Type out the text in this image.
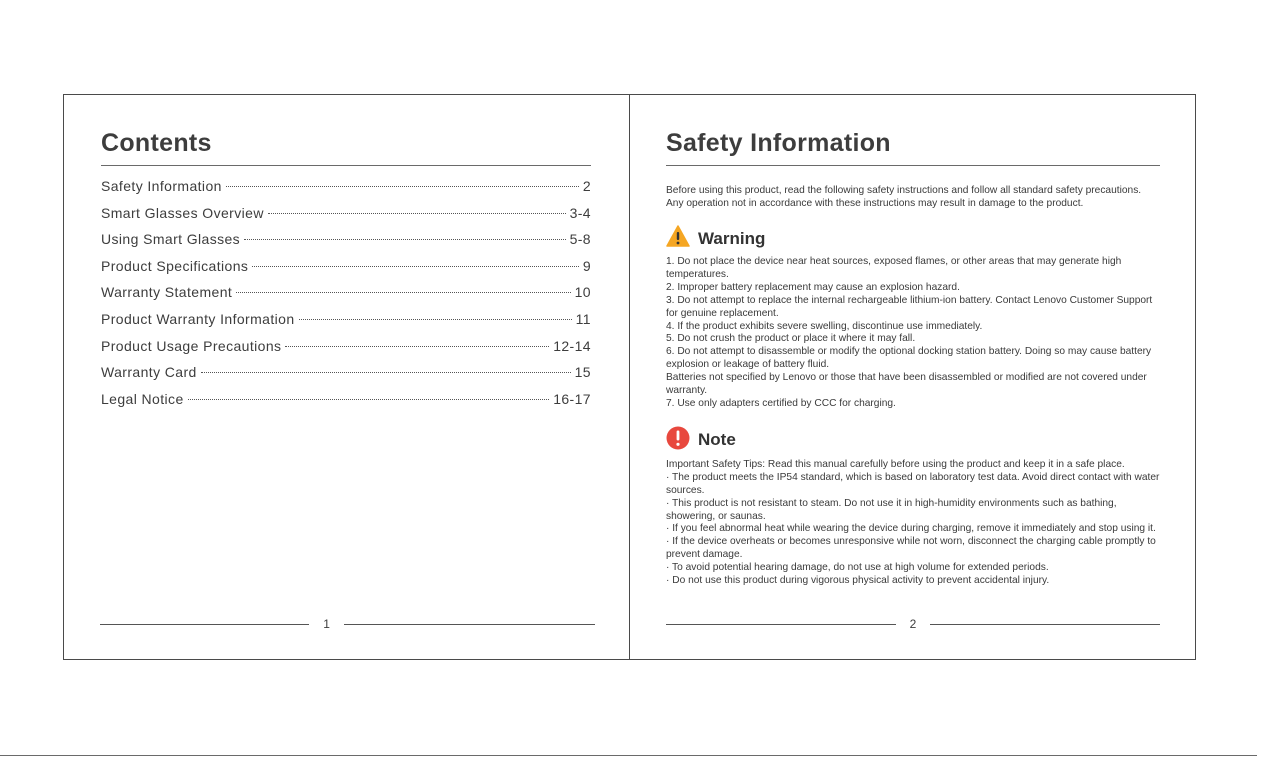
Contents
Safety Information	2
Smart Glasses Overview	3-4
Using Smart Glasses	5-8
Product Specifications	9
Warranty Statement	10
Product Warranty Information	11
Product Usage Precautions	12-14
Warranty Card	15
Legal Notice	16-17
1
Safety Information
Before using this product, read the following safety instructions and follow all standard safety precautions. Any operation not in accordance with these instructions may result in damage to the product.
Warning

1. Do not place the device near heat sources, exposed flames, or other areas that may generate high temperatures.

2. Improper battery replacement may cause an explosion hazard.

3. Do not attempt to replace the internal rechargeable lithium-ion battery. Contact Lenovo Customer Support for genuine replacement.

4. If the product exhibits severe swelling, discontinue use immediately.

5. Do not crush the product or place it where it may fall.

6. Do not attempt to disassemble or modify the optional docking station battery. Doing so may cause battery explosion or leakage of battery fluid.

Batteries not specified by Lenovo or those that have been disassembled or modified are not covered under warranty.

7. Use only adapters certified by CCC for charging.

Note

Important Safety Tips: Read this manual carefully before using the product and keep it in a safe place.

· The product meets the IP54 standard, which is based on laboratory test data. Avoid direct contact with water sources.

· This product is not resistant to steam. Do not use it in high-humidity environments such as bathing, showering, or saunas.

· If you feel abnormal heat while wearing the device during charging, remove it immediately and stop using it.

· If the device overheats or becomes unresponsive while not worn, disconnect the charging cable promptly to prevent damage.

· To avoid potential hearing damage, do not use at high volume for extended periods.

· Do not use this product during vigorous physical activity to prevent accidental injury.

2
